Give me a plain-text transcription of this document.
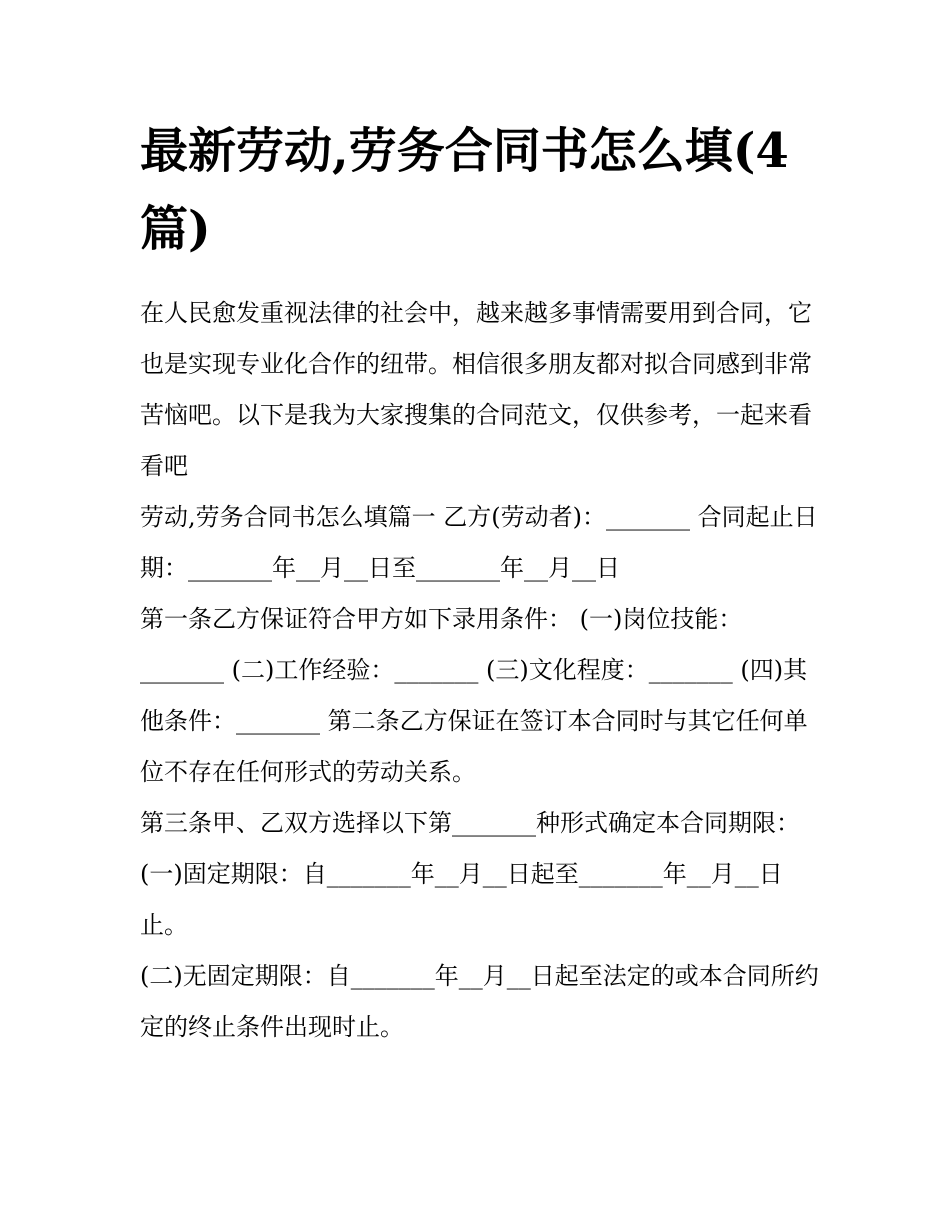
最新劳动,劳务合同书怎么填(4篇)

在人民愈发重视法律的社会中，越来越多事情需要用到合同，它也是实现专业化合作的纽带。相信很多朋友都对拟合同感到非常苦恼吧。以下是我为大家搜集的合同范文，仅供参考，一起来看看吧

劳动,劳务合同书怎么填篇一 乙方(劳动者)：_______ 合同起止日期：_______年__月__日至_______年__月__日

第一条乙方保证符合甲方如下录用条件： (一)岗位技能：_______ (二)工作经验：_______ (三)文化程度：_______ (四)其他条件：_______ 第二条乙方保证在签订本合同时与其它任何单位不存在任何形式的劳动关系。

第三条甲、乙双方选择以下第_______种形式确定本合同期限：

(一)固定期限：自_______年__月__日起至_______年__月__日止。

(二)无固定期限：自_______年__月__日起至法定的或本合同所约定的终止条件出现时止。
